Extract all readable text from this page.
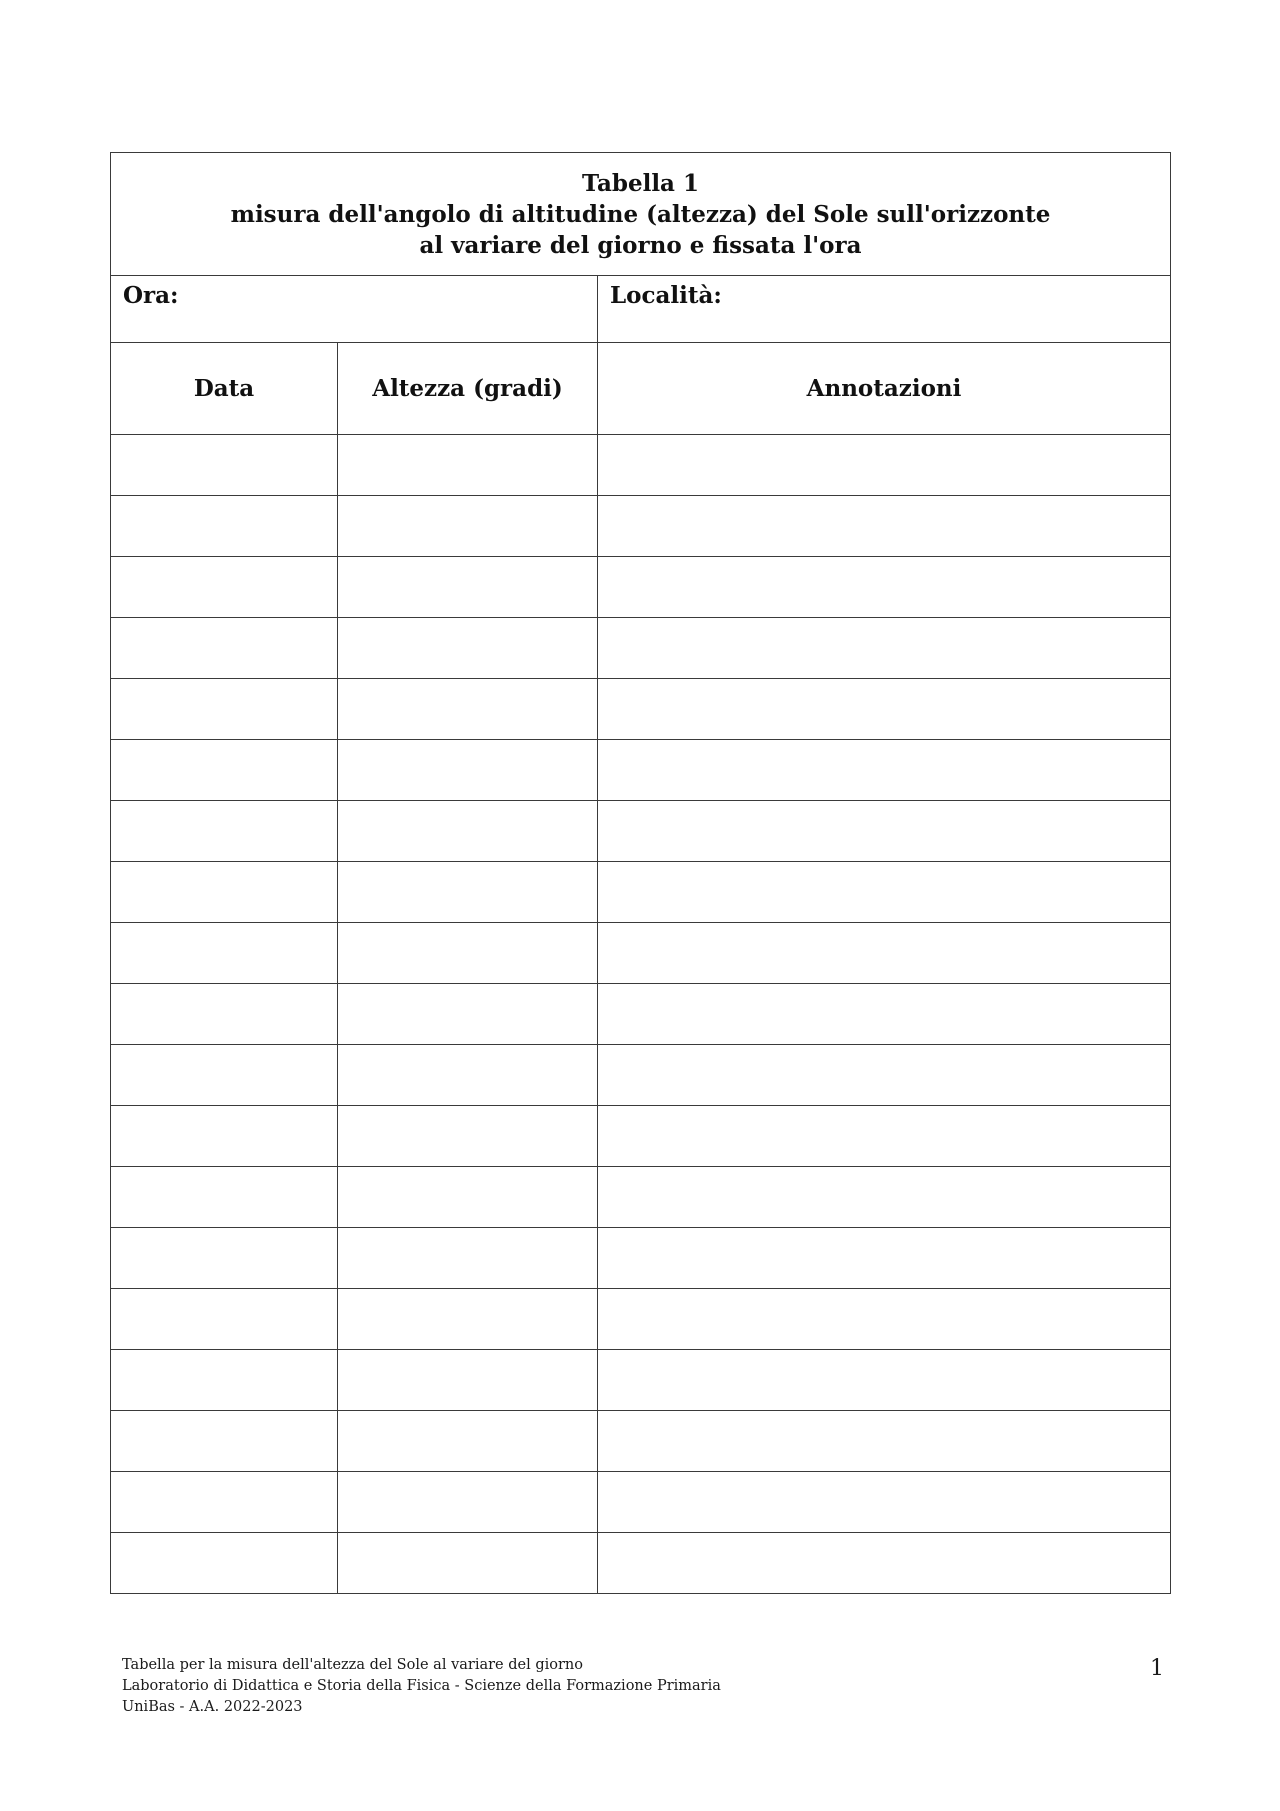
Tabella 1
misura dell'angolo di altitudine (altezza) del Sole sull'orizzonte
al variare del giorno e fissata l'ora		

Ora:		Località:
Data	Altezza (gradi)	Annotazioni

Tabella per la misura dell'altezza del Sole al variare del giorno
Laboratorio di Didattica e Storia della Fisica - Scienze della Formazione Primaria
UniBas - A.A. 2022-2023
1
